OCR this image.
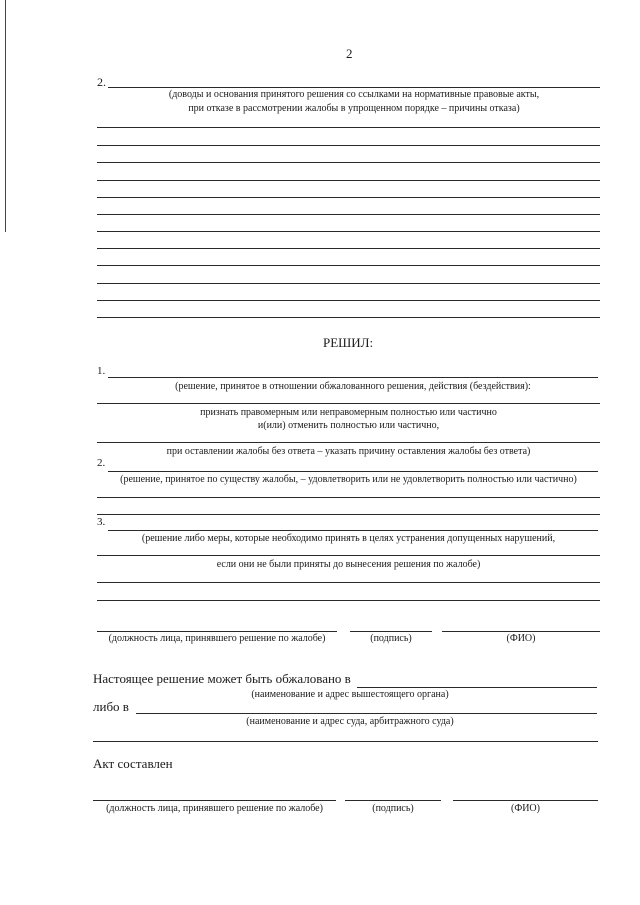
2
2.
(доводы и основания принятого решения со ссылками на нормативные правовые акты,
при отказе в рассмотрении жалобы в упрощенном порядке – причины отказа)
РЕШИЛ:
1.
(решение, принятое в отношении обжалованного решения, действия (бездействия):
признать правомерным или неправомерным полностью или частично
и(или) отменить полностью или частично,
при оставлении жалобы без ответа – указать причину оставления жалобы без ответа)
2.
(решение, принятое по существу жалобы, – удовлетворить или не удовлетворить полностью или частично)
3.
(решение либо меры, которые необходимо принять в целях устранения допущенных нарушений,
если они не были приняты до вынесения решения по жалобе)
(должность лица, принявшего решение по жалобе)	(подпись)	(ФИО)
Настоящее решение может быть обжаловано в
(наименование и адрес вышестоящего органа)
либо в
(наименование и адрес суда, арбитражного суда)
Акт составлен
(должность лица, принявшего решение по жалобе)	(подпись)	(ФИО)
